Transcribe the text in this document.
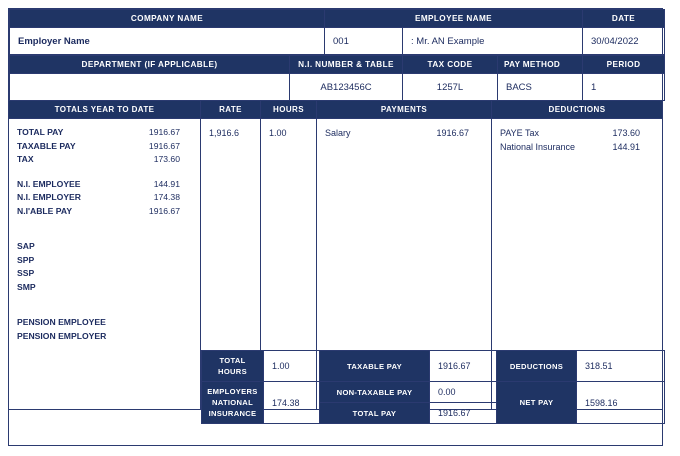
COMPANY NAME	EMPLOYEE NAME		DATE
Employer Name	001	: Mr. AN Example	30/04/2022
DEPARTMENT (IF APPLICABLE)	N.I. NUMBER & TABLE	TAX CODE	PAY METHOD	PERIOD
	AB123456C	1257L	BACS	1
TOTALS YEAR TO DATE
TOTAL PAY	1916.67
TAXABLE PAY	1916.67
TAX	173.60
N.I. EMPLOYEE	144.91
N.I. EMPLOYER	174.38
N.I'ABLE PAY	1916.67
SAP
SPP
SSP
SMP
PENSION EMPLOYEE
PENSION EMPLOYER
RATE
1,916.6
HOURS
1.00
PAYMENTS
Salary	1916.67
DEDUCTIONS
PAYE Tax	173.60
National Insurance	144.91
TOTAL HOURS	1.00	TAXABLE PAY	1916.67	DEDUCTIONS	318.51
EMPLOYERS NATIONAL INSURANCE	174.38	NON-TAXABLE PAY	0.00	NET PAY	1598.16
		TOTAL PAY	1916.67		
